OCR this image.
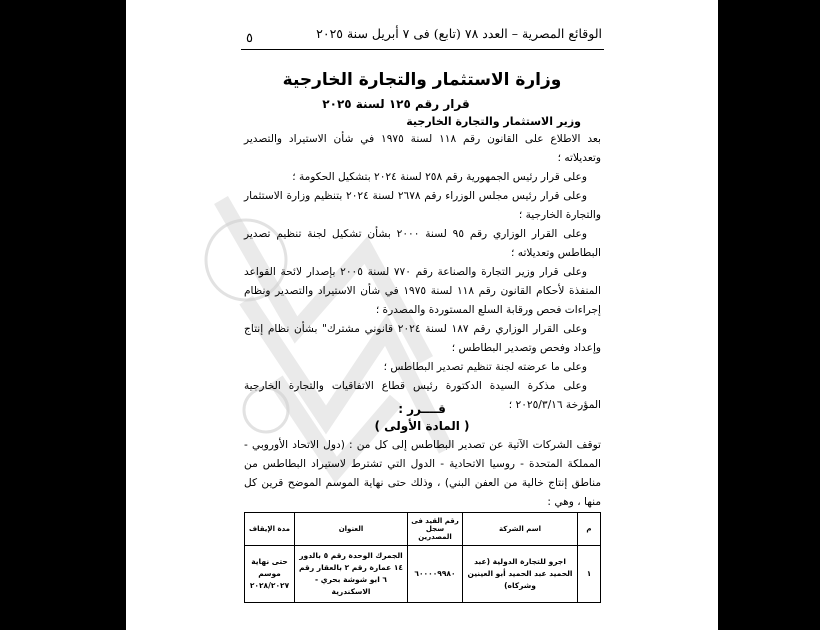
الوقائع المصرية – العدد ٧٨ (تابع) فى ٧ أبريل سنة ٢٠٢٥
٥
وزارة الاستثمار والتجارة الخارجية
قرار رقم ١٢٥ لسنة ٢٠٢٥
وزير الاستثمار والتجارة الخارجية
بعد الاطلاع على القانون رقم ١١٨ لسنة ١٩٧٥ في شأن الاستيراد والتصدير وتعديلاته ؛
وعلى قرار رئيس الجمهورية رقم ٢٥٨ لسنة ٢٠٢٤ بتشكيل الحكومة ؛
وعلى قرار رئيس مجلس الوزراء رقم ٢٦٧٨ لسنة ٢٠٢٤ بتنظيم وزارة الاستثمار والتجارة الخارجية ؛
وعلى القرار الوزاري رقم ٩٥ لسنة ٢٠٠٠ بشأن تشكيل لجنة تنظيم تصدير البطاطس وتعديلاته ؛
وعلى قرار وزير التجارة والصناعة رقم ٧٧٠ لسنة ٢٠٠٥ بإصدار لائحة القواعد المنفذة لأحكام القانون رقم ١١٨ لسنة ١٩٧٥ في شأن الاستيراد والتصدير ونظام إجراءات فحص ورقابة السلع المستوردة والمصدرة ؛
وعلى القرار الوزاري رقم ١٨٧ لسنة ٢٠٢٤ قانوني مشترك" بشأن نظام إنتاج وإعداد وفحص وتصدير البطاطس ؛
وعلى ما عرضته لجنة تنظيم تصدير البطاطس ؛
وعلى مذكرة السيدة الدكتورة رئيس قطاع الاتفاقيات والتجارة الخارجية المؤرخة ٢٠٢٥/٣/١٦ ؛
قــــرر :
( المادة الأولى )
توقف الشركات الآتية عن تصدير البطاطس إلى كل من : (دول الاتحاد الأوروبي - المملكة المتحدة - روسيا الاتحادية - الدول التي تشترط لاستيراد البطاطس من مناطق إنتاج خالية من العفن البني) ، وذلك حتى نهاية الموسم الموضح قرين كل منها ، وهي :
م	اسم الشركة	رقم القيد فى سجل المصدرين	العنوان	مدة الإيقاف
١	اجرو للتجارة الدولية (عبد الحميد عبد الحميد أبو العينين وشركاه)	٦٠٠٠٠٩٩٨٠	الجمرك الوحدة رقم ٥ بالدور ١٤ عمارة رقم ٢ بالعقار رقم ٦ ابو شوشة بحري - الاسكندرية	حتى نهاية موسم ٢٠٢٨/٢٠٢٧
